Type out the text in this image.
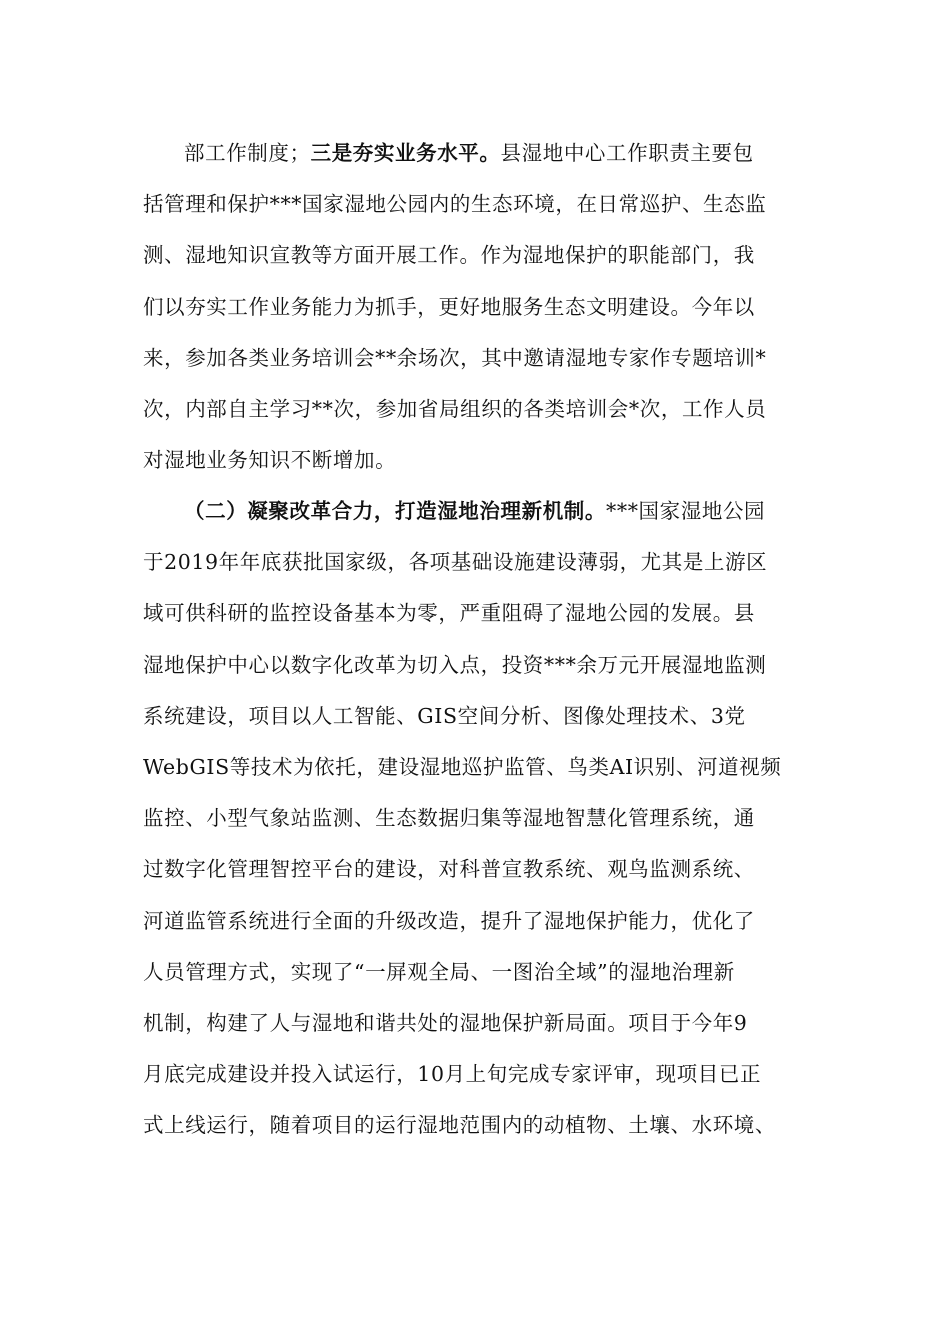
部工作制度；三是夯实业务水平。县湿地中心工作职责主要包
括管理和保护***国家湿地公园内的生态环境，在日常巡护、生态监
测、湿地知识宣教等方面开展工作。作为湿地保护的职能部门，我
们以夯实工作业务能力为抓手，更好地服务生态文明建设。今年以
来，参加各类业务培训会**余场次，其中邀请湿地专家作专题培训*
次，内部自主学习**次，参加省局组织的各类培训会*次，工作人员
对湿地业务知识不断增加。
（二）凝聚改革合力，打造湿地治理新机制。***国家湿地公园
于2019年年底获批国家级，各项基础设施建设薄弱，尤其是上游区
域可供科研的监控设备基本为零，严重阻碍了湿地公园的发展。县
湿地保护中心以数字化改革为切入点，投资***余万元开展湿地监测
系统建设，项目以人工智能、GIS空间分析、图像处理技术、3党
WebGIS等技术为依托，建设湿地巡护监管、鸟类AI识别、河道视频
监控、小型气象站监测、生态数据归集等湿地智慧化管理系统，通
过数字化管理智控平台的建设，对科普宣教系统、观鸟监测系统、
河道监管系统进行全面的升级改造，提升了湿地保护能力，优化了
人员管理方式，实现了“一屏观全局、一图治全域”的湿地治理新
机制，构建了人与湿地和谐共处的湿地保护新局面。项目于今年9
月底完成建设并投入试运行，10月上旬完成专家评审，现项目已正
式上线运行，随着项目的运行湿地范围内的动植物、土壤、水环境、
